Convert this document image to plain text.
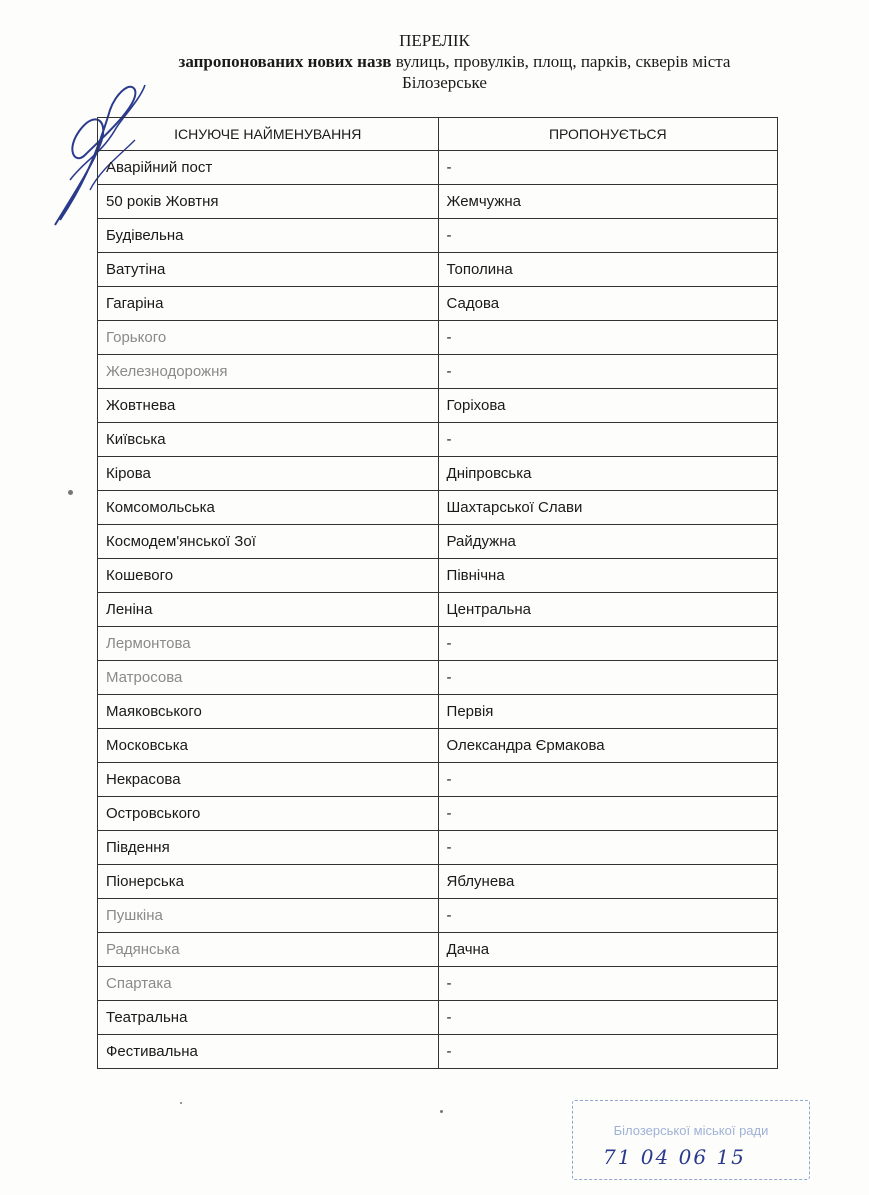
ПЕРЕЛІК
запропонованих нових назв вулиць, провулків, площ, парків, скверів міста
Білозерське
ІСНУЮЧЕ НАЙМЕНУВАННЯ	ПРОПОНУЄТЬСЯ
Аварійний пост	-
50 років Жовтня	Жемчужна
Будівельна	-
Ватутіна	Тополина
Гагаріна	Садова
Горького	-
Железнодорожня	-
Жовтнева	Горіхова
Київська	-
Кірова	Дніпровська
Комсомольська	Шахтарської Слави
Космодем'янської Зої	Райдужна
Кошевого	Північна
Леніна	Центральна
Лермонтова	-
Матросова	-
Маяковського	Первія
Московська	Олександра Єрмакова
Некрасова	-
Островського	-
Південня	-
Піонерська	Яблунева
Пушкіна	-
Радянська	Дачна
Спартака	-
Театральна	-
Фестивальна	-
Білозерської міської ради
71 04 06 15
